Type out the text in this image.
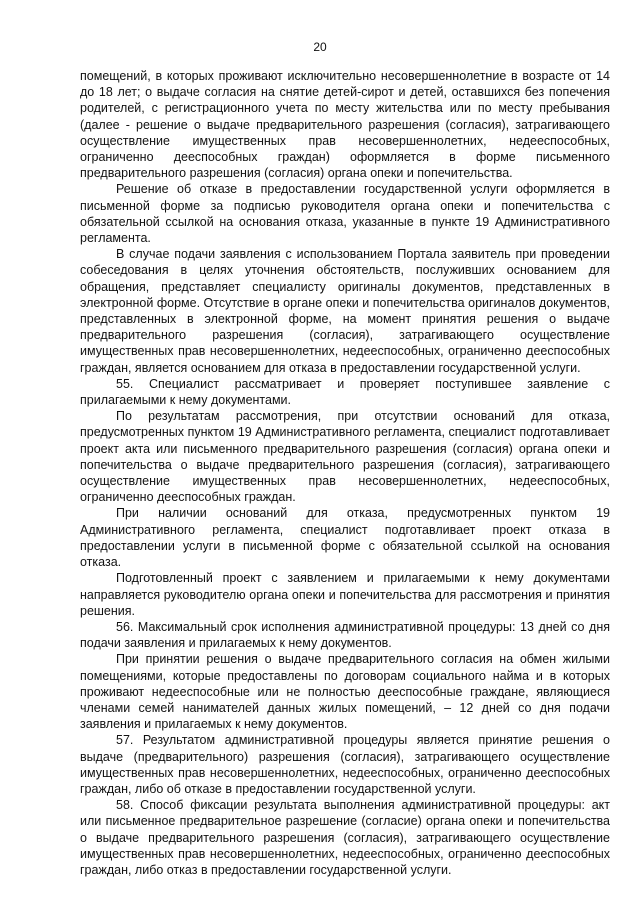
20

помещений, в которых проживают исключительно несовершеннолетние в возрасте от 14 до 18 лет; о выдаче согласия на снятие детей-сирот и детей, оставшихся без попечения родителей, с регистрационного учета по месту жительства или по месту пребывания (далее - решение о выдаче предварительного разрешения (согласия), затрагивающего осуществление имущественных прав несовершеннолетних, недееспособных, ограниченно дееспособных граждан) оформляется в форме письменного предварительного разрешения (согласия) органа опеки и попечительства.

Решение об отказе в предоставлении государственной услуги оформляется в письменной форме за подписью руководителя органа опеки и попечительства с обязательной ссылкой на основания отказа, указанные в пункте 19 Административного регламента.

В случае подачи заявления с использованием Портала заявитель при проведении собеседования в целях уточнения обстоятельств, послуживших основанием для обращения, представляет специалисту оригиналы документов, представленных в электронной форме. Отсутствие в органе опеки и попечительства оригиналов документов, представленных в электронной форме, на момент принятия решения о выдаче предварительного разрешения (согласия), затрагивающего осуществление имущественных прав несовершеннолетних, недееспособных, ограниченно дееспособных граждан, является основанием для отказа в предоставлении государственной услуги.

55. Специалист рассматривает и проверяет поступившее заявление с прилагаемыми к нему документами.

По результатам рассмотрения, при отсутствии оснований для отказа, предусмотренных пунктом 19 Административного регламента, специалист подготавливает проект акта или письменного предварительного разрешения (согласия) органа опеки и попечительства о выдаче предварительного разрешения (согласия), затрагивающего осуществление имущественных прав несовершеннолетних, недееспособных, ограниченно дееспособных граждан.

При наличии оснований для отказа, предусмотренных пунктом 19 Административного регламента, специалист подготавливает проект отказа в предоставлении услуги в письменной форме с обязательной ссылкой на основания отказа.

Подготовленный проект с заявлением и прилагаемыми к нему документами направляется руководителю органа опеки и попечительства для рассмотрения и принятия решения.

56. Максимальный срок исполнения административной процедуры: 13 дней со дня подачи заявления и прилагаемых к нему документов.

При принятии решения о выдаче предварительного согласия на обмен жилыми помещениями, которые предоставлены по договорам социального найма и в которых проживают недееспособные или не полностью дееспособные граждане, являющиеся членами семей нанимателей данных жилых помещений, – 12 дней со дня подачи заявления и прилагаемых к нему документов.

57. Результатом административной процедуры является принятие решения о выдаче (предварительного) разрешения (согласия), затрагивающего осуществление имущественных прав несовершеннолетних, недееспособных, ограниченно дееспособных граждан, либо об отказе в предоставлении государственной услуги.

58. Способ фиксации результата выполнения административной процедуры: акт или письменное предварительное разрешение (согласие) органа опеки и попечительства о выдаче предварительного разрешения (согласия), затрагивающего осуществление имущественных прав несовершеннолетних, недееспособных, ограниченно дееспособных граждан, либо отказ в предоставлении государственной услуги.
